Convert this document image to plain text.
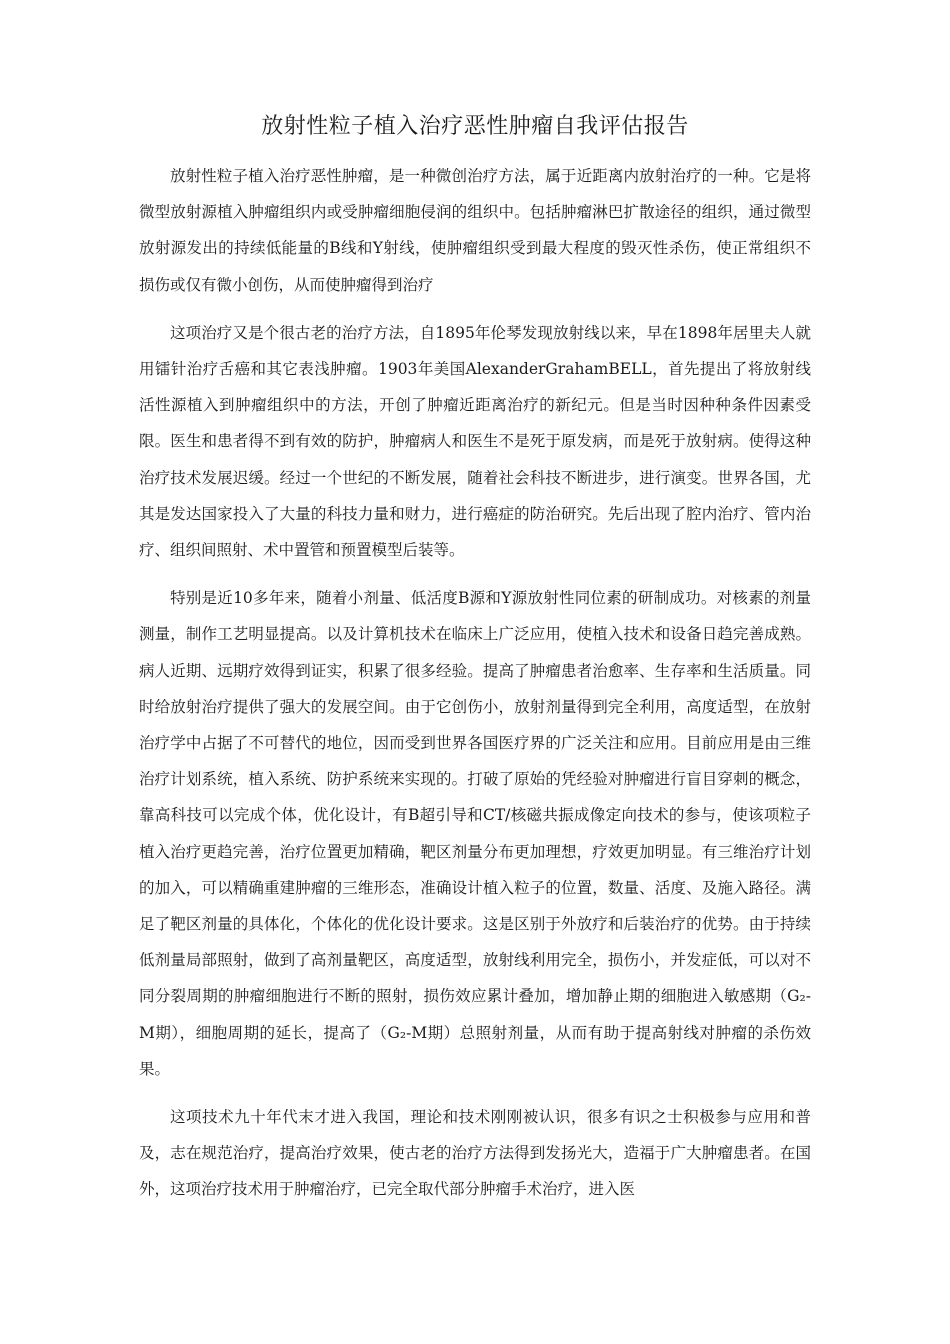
放射性粒子植入治疗恶性肿瘤自我评估报告

放射性粒子植入治疗恶性肿瘤，是一种微创治疗方法，属于近距离内放射治疗的一种。它是将微型放射源植入肿瘤组织内或受肿瘤细胞侵润的组织中。包括肿瘤淋巴扩散途径的组织，通过微型放射源发出的持续低能量的Β线和Υ射线，使肿瘤组织受到最大程度的毁灭性杀伤，使正常组织不损伤或仅有微小创伤，从而使肿瘤得到治疗

这项治疗又是个很古老的治疗方法，自1895年伦琴发现放射线以来，早在1898年居里夫人就用镭针治疗舌癌和其它表浅肿瘤。1903年美国AlexanderGrahamBELL，首先提出了将放射线活性源植入到肿瘤组织中的方法，开创了肿瘤近距离治疗的新纪元。但是当时因种种条件因素受限。医生和患者得不到有效的防护，肿瘤病人和医生不是死于原发病，而是死于放射病。使得这种治疗技术发展迟缓。经过一个世纪的不断发展，随着社会科技不断进步，进行演变。世界各国，尤其是发达国家投入了大量的科技力量和财力，进行癌症的防治研究。先后出现了腔内治疗、管内治疗、组织间照射、术中置管和预置模型后装等。

特别是近10多年来，随着小剂量、低活度Β源和Υ源放射性同位素的研制成功。对核素的剂量测量，制作工艺明显提高。以及计算机技术在临床上广泛应用，使植入技术和设备日趋完善成熟。病人近期、远期疗效得到证实，积累了很多经验。提高了肿瘤患者治愈率、生存率和生活质量。同时给放射治疗提供了强大的发展空间。由于它创伤小，放射剂量得到完全利用，高度适型，在放射治疗学中占据了不可替代的地位，因而受到世界各国医疗界的广泛关注和应用。目前应用是由三维治疗计划系统，植入系统、防护系统来实现的。打破了原始的凭经验对肿瘤进行盲目穿刺的概念，靠高科技可以完成个体，优化设计，有B超引导和CT/核磁共振成像定向技术的参与，使该项粒子植入治疗更趋完善，治疗位置更加精确，靶区剂量分布更加理想，疗效更加明显。有三维治疗计划的加入，可以精确重建肿瘤的三维形态，准确设计植入粒子的位置，数量、活度、及施入路径。满足了靶区剂量的具体化，个体化的优化设计要求。这是区别于外放疗和后装治疗的优势。由于持续低剂量局部照射，做到了高剂量靶区，高度适型，放射线利用完全，损伤小，并发症低，可以对不同分裂周期的肿瘤细胞进行不断的照射，损伤效应累计叠加，增加静止期的细胞进入敏感期（G₂-M期），细胞周期的延长，提高了（G₂-M期）总照射剂量，从而有助于提高射线对肿瘤的杀伤效果。

这项技术九十年代末才进入我国，理论和技术刚刚被认识，很多有识之士积极参与应用和普及，志在规范治疗，提高治疗效果，使古老的治疗方法得到发扬光大，造福于广大肿瘤患者。在国外，这项治疗技术用于肿瘤治疗，已完全取代部分肿瘤手术治疗，进入医
